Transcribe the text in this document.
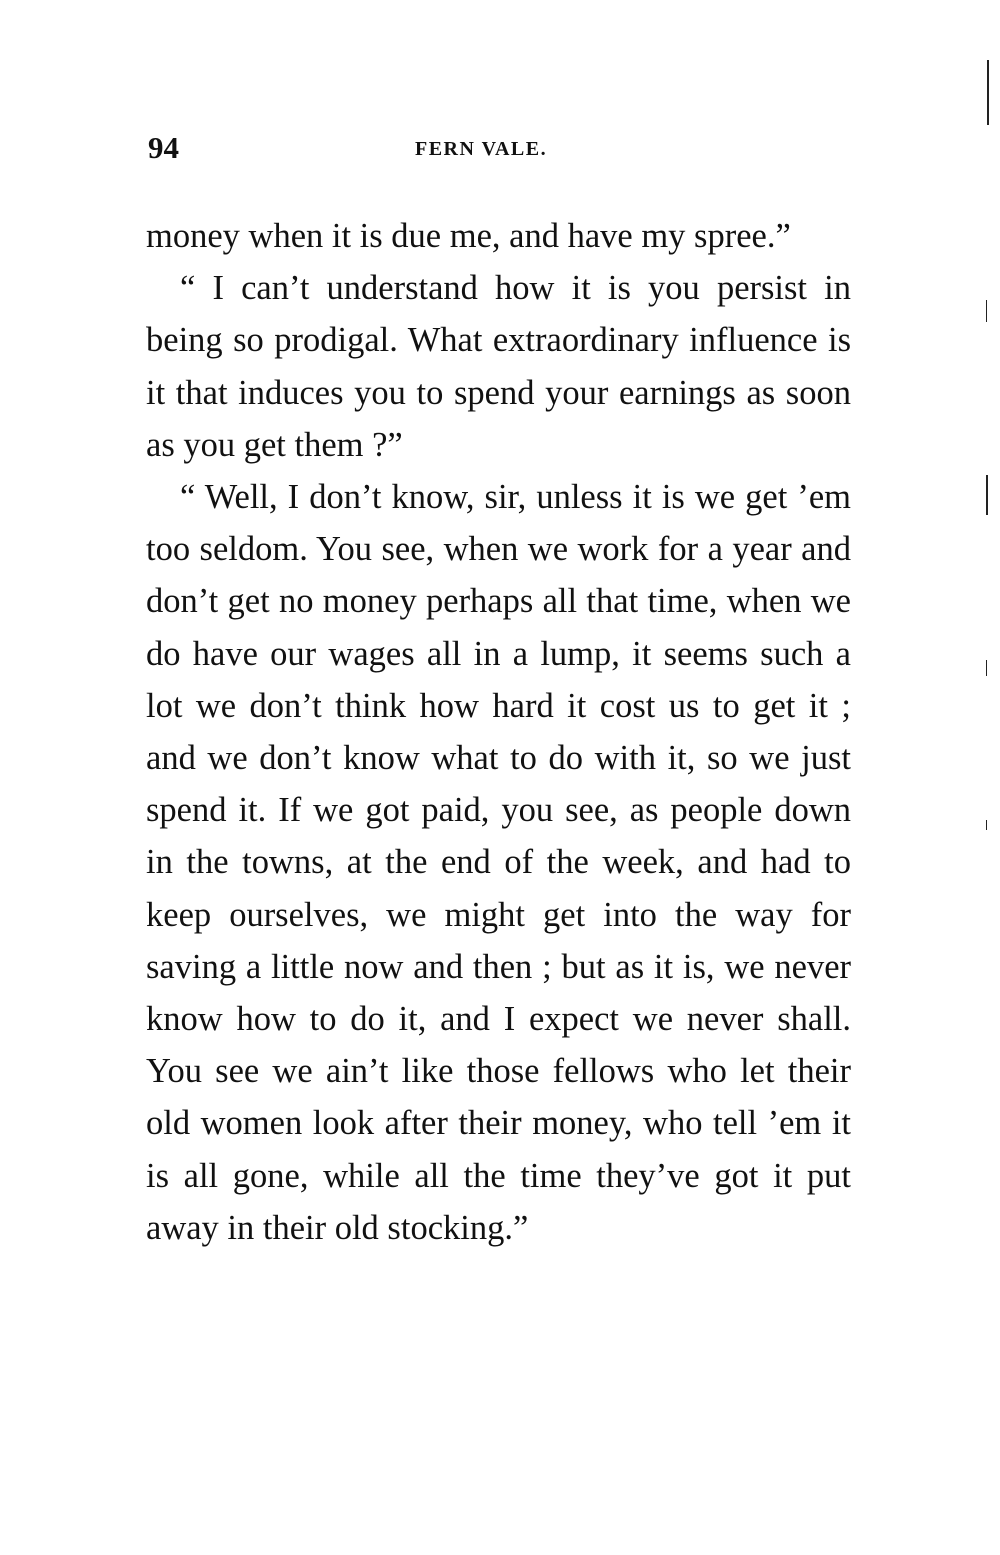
94	FERN VALE.

money when it is due me, and have my spree.”

“ I can’t understand how it is you persist in being so prodigal. What extraordinary influence is it that induces you to spend your earnings as soon as you get them ?”

“ Well, I don’t know, sir, unless it is we get ’em too seldom. You see, when we work for a year and don’t get no money perhaps all that time, when we do have our wages all in a lump, it seems such a lot we don’t think how hard it cost us to get it ; and we don’t know what to do with it, so we just spend it. If we got paid, you see, as people down in the towns, at the end of the week, and had to keep ourselves, we might get into the way for saving a little now and then ; but as it is, we never know how to do it, and I expect we never shall. You see we ain’t like those fellows who let their old women look after their money, who tell ’em it is all gone, while all the time they’ve got it put away in their old stocking.”
